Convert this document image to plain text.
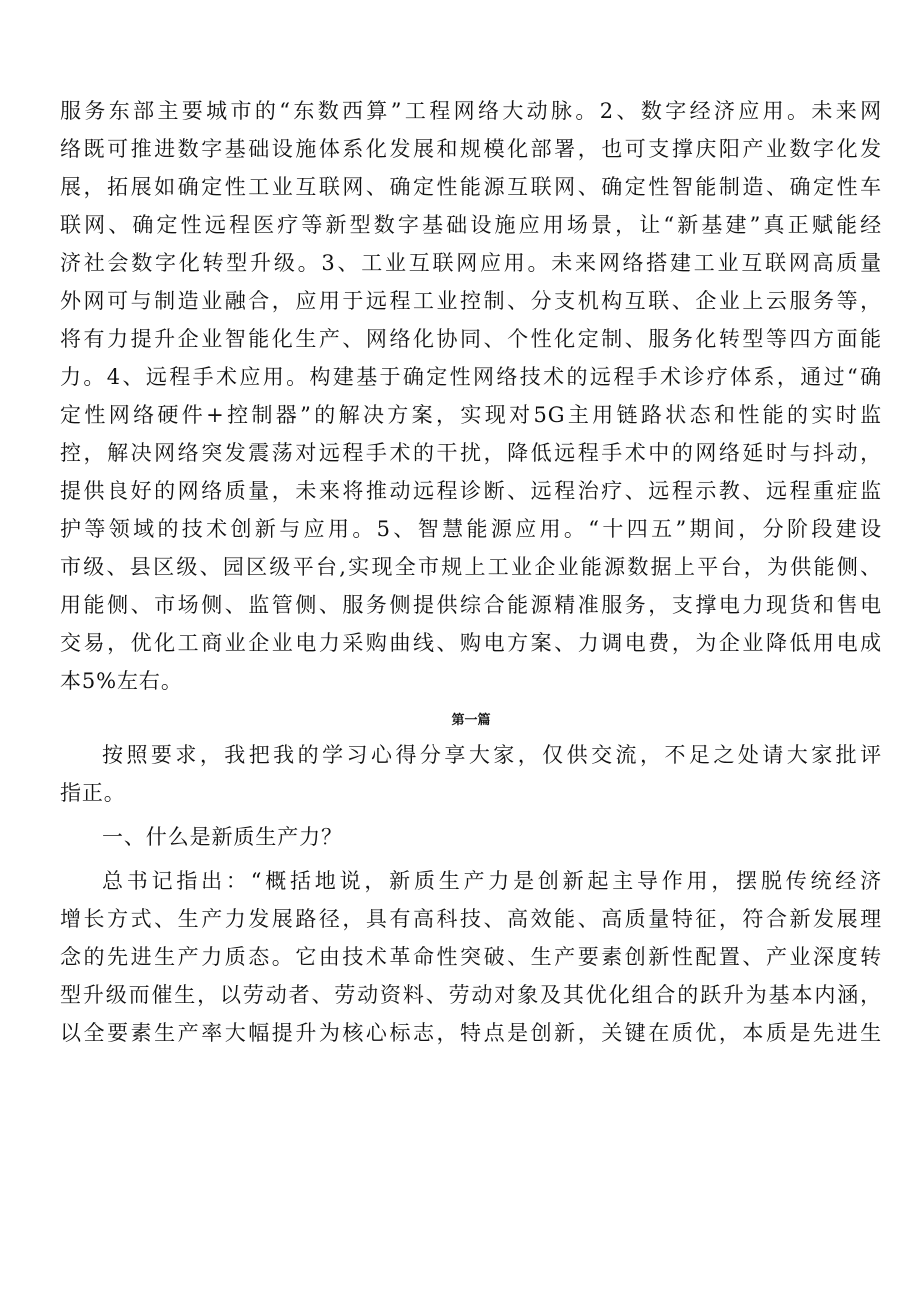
服务东部主要城市的“东数西算”工程网络大动脉。2、数字经济应用。未来网
络既可推进数字基础设施体系化发展和规模化部署，也可支撑庆阳产业数字化发
展，拓展如确定性工业互联网、确定性能源互联网、确定性智能制造、确定性车
联网、确定性远程医疗等新型数字基础设施应用场景，让“新基建”真正赋能经
济社会数字化转型升级。3、工业互联网应用。未来网络搭建工业互联网高质量
外网可与制造业融合，应用于远程工业控制、分支机构互联、企业上云服务等，
将有力提升企业智能化生产、网络化协同、个性化定制、服务化转型等四方面能
力。4、远程手术应用。构建基于确定性网络技术的远程手术诊疗体系，通过“确
定性网络硬件+控制器”的解决方案，实现对5G主用链路状态和性能的实时监
控，解决网络突发震荡对远程手术的干扰，降低远程手术中的网络延时与抖动，
提供良好的网络质量，未来将推动远程诊断、远程治疗、远程示教、远程重症监
护等领域的技术创新与应用。5、智慧能源应用。“十四五”期间，分阶段建设
市级、县区级、园区级平台,实现全市规上工业企业能源数据上平台，为供能侧、
用能侧、市场侧、监管侧、服务侧提供综合能源精准服务，支撑电力现货和售电
交易，优化工商业企业电力采购曲线、购电方案、力调电费，为企业降低用电成
本5%左右。
第一篇
按照要求，我把我的学习心得分享大家，仅供交流，不足之处请大家批评
指正。
一、什么是新质生产力？
总书记指出：“概括地说，新质生产力是创新起主导作用，摆脱传统经济
增长方式、生产力发展路径，具有高科技、高效能、高质量特征，符合新发展理
念的先进生产力质态。它由技术革命性突破、生产要素创新性配置、产业深度转
型升级而催生，以劳动者、劳动资料、劳动对象及其优化组合的跃升为基本内涵，
以全要素生产率大幅提升为核心标志，特点是创新，关键在质优，本质是先进生
